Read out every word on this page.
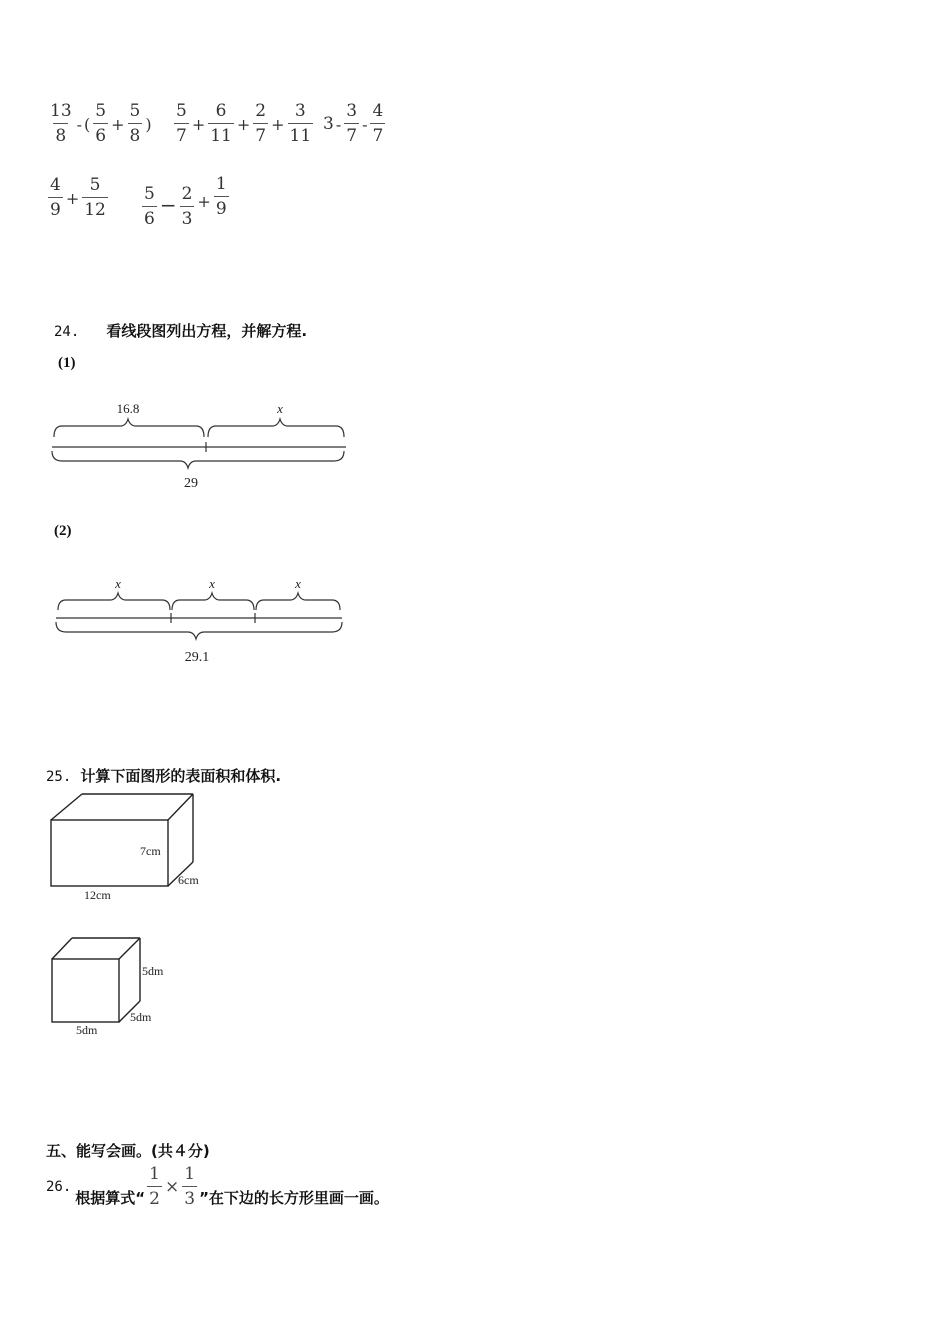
$\frac{13}{8}$ - ( $\frac{5}{6} + \frac{5}{8}$ ) $\frac{5}{7} + \frac{6}{11} + \frac{2}{7} + \frac{3}{11} 3 - \frac{3}{7} - \frac{4}{7}$
$\frac{4}{9} + \frac{5}{12} \frac{5}{6} - \frac{2}{3} + \frac{1}{9}$
24. 看线段图列出方程，并解方程.
(1)
16.8	x
29
(2)
x	x	x
29.1
25. 计算下面图形的表面积和体积.
7cm
6cm
12cm
5dm
5dm
5dm
五、能写会画。(共４分)
26.
根据算式“ $\frac{1}{2} \times \frac{1}{3}$ ”在下边的长方形里画一画。
